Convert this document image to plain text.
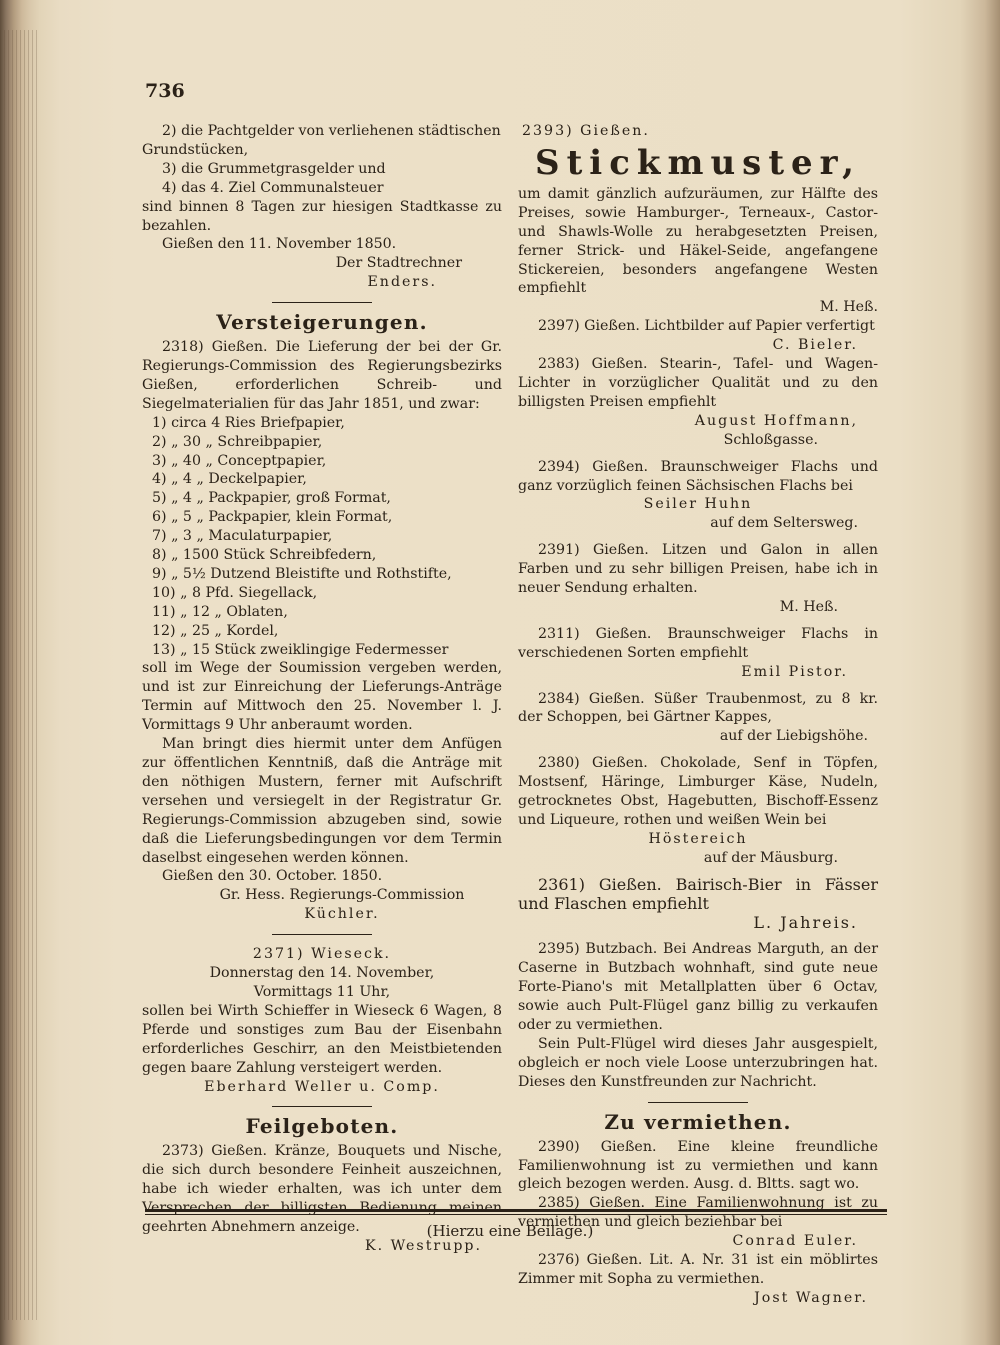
736

2) die Pachtgelder von verliehenen städtischen Grundstücken,

3) die Grummetgrasgelder und

4) das 4. Ziel Communalsteuer

sind binnen 8 Tagen zur hiesigen Stadtkasse zu bezahlen.

Gießen den 11. November 1850.

Der Stadtrechner

Enders.

Versteigerungen.

2318) Gießen. Die Lieferung der bei der Gr. Regierungs-Commission des Regierungsbezirks Gießen, erforderlichen Schreib- und Siegelmaterialien für das Jahr 1851, und zwar:

1) circa 4 Ries Briefpapier,

2) „ 30 „ Schreibpapier,

3) „ 40 „ Conceptpapier,

4) „ 4 „ Deckelpapier,

5) „ 4 „ Packpapier, groß Format,

6) „ 5 „ Packpapier, klein Format,

7) „ 3 „ Maculaturpapier,

8) „ 1500 Stück Schreibfedern,

9) „ 5½ Dutzend Bleistifte und Rothstifte,

10) „ 8 Pfd. Siegellack,

11) „ 12 „ Oblaten,

12) „ 25 „ Kordel,

13) „ 15 Stück zweiklingige Federmesser

soll im Wege der Soumission vergeben werden, und ist zur Einreichung der Lieferungs-Anträge Termin auf Mittwoch den 25. November l. J. Vormittags 9 Uhr anberaumt worden.

Man bringt dies hiermit unter dem Anfügen zur öffentlichen Kenntniß, daß die Anträge mit den nöthigen Mustern, ferner mit Aufschrift versehen und versiegelt in der Registratur Gr. Regierungs-Commission abzugeben sind, sowie daß die Lieferungsbedingungen vor dem Termin daselbst eingesehen werden können.

Gießen den 30. October. 1850.

Gr. Hess. Regierungs-Commission

Küchler.

2371) Wieseck.

Donnerstag den 14. November,

Vormittags 11 Uhr,

sollen bei Wirth Schieffer in Wieseck 6 Wagen, 8 Pferde und sonstiges zum Bau der Eisenbahn erforderliches Geschirr, an den Meistbietenden gegen baare Zahlung versteigert werden.

Eberhard Weller u. Comp.

Feilgeboten.

2373) Gießen. Kränze, Bouquets und Nische, die sich durch besondere Feinheit auszeichnen, habe ich wieder erhalten, was ich unter dem Versprechen der billigsten Bedienung meinen geehrten Abnehmern anzeige.

K. Westrupp.

2393) Gießen.

Stickmuster,

um damit gänzlich aufzuräumen, zur Hälfte des Preises, sowie Hamburger-, Terneaux-, Castor- und Shawls-Wolle zu herabgesetzten Preisen, ferner Strick- und Häkel-Seide, angefangene Stickereien, besonders angefangene Westen empfiehlt

M. Heß.

2397) Gießen. Lichtbilder auf Papier verfertigt

C. Bieler.

2383) Gießen. Stearin-, Tafel- und Wagen-Lichter in vorzüglicher Qualität und zu den billigsten Preisen empfiehlt

August Hoffmann,

Schloßgasse.

2394) Gießen. Braunschweiger Flachs und ganz vorzüglich feinen Sächsischen Flachs bei

Seiler Huhn

auf dem Seltersweg.

2391) Gießen. Litzen und Galon in allen Farben und zu sehr billigen Preisen, habe ich in neuer Sendung erhalten.

M. Heß.

2311) Gießen. Braunschweiger Flachs in verschiedenen Sorten empfiehlt

Emil Pistor.

2384) Gießen. Süßer Traubenmost, zu 8 kr. der Schoppen, bei Gärtner Kappes,

auf der Liebigshöhe.

2380) Gießen. Chokolade, Senf in Töpfen, Mostsenf, Häringe, Limburger Käse, Nudeln, getrocknetes Obst, Hagebutten, Bischoff-Essenz und Liqueure, rothen und weißen Wein bei

Höstereich

auf der Mäusburg.

2361) Gießen. Bairisch-Bier in Fässer und Flaschen empfiehlt

L. Jahreis.

2395) Butzbach. Bei Andreas Marguth, an der Caserne in Butzbach wohnhaft, sind gute neue Forte-Piano's mit Metallplatten über 6 Octav, sowie auch Pult-Flügel ganz billig zu verkaufen oder zu vermiethen.

Sein Pult-Flügel wird dieses Jahr ausgespielt, obgleich er noch viele Loose unterzubringen hat. Dieses den Kunstfreunden zur Nachricht.

Zu vermiethen.

2390) Gießen. Eine kleine freundliche Familienwohnung ist zu vermiethen und kann gleich bezogen werden. Ausg. d. Bltts. sagt wo.

2385) Gießen. Eine Familienwohnung ist zu vermiethen und gleich beziehbar bei

Conrad Euler.

2376) Gießen. Lit. A. Nr. 31 ist ein möblirtes Zimmer mit Sopha zu vermiethen.

Jost Wagner.

(Hierzu eine Beilage.)
